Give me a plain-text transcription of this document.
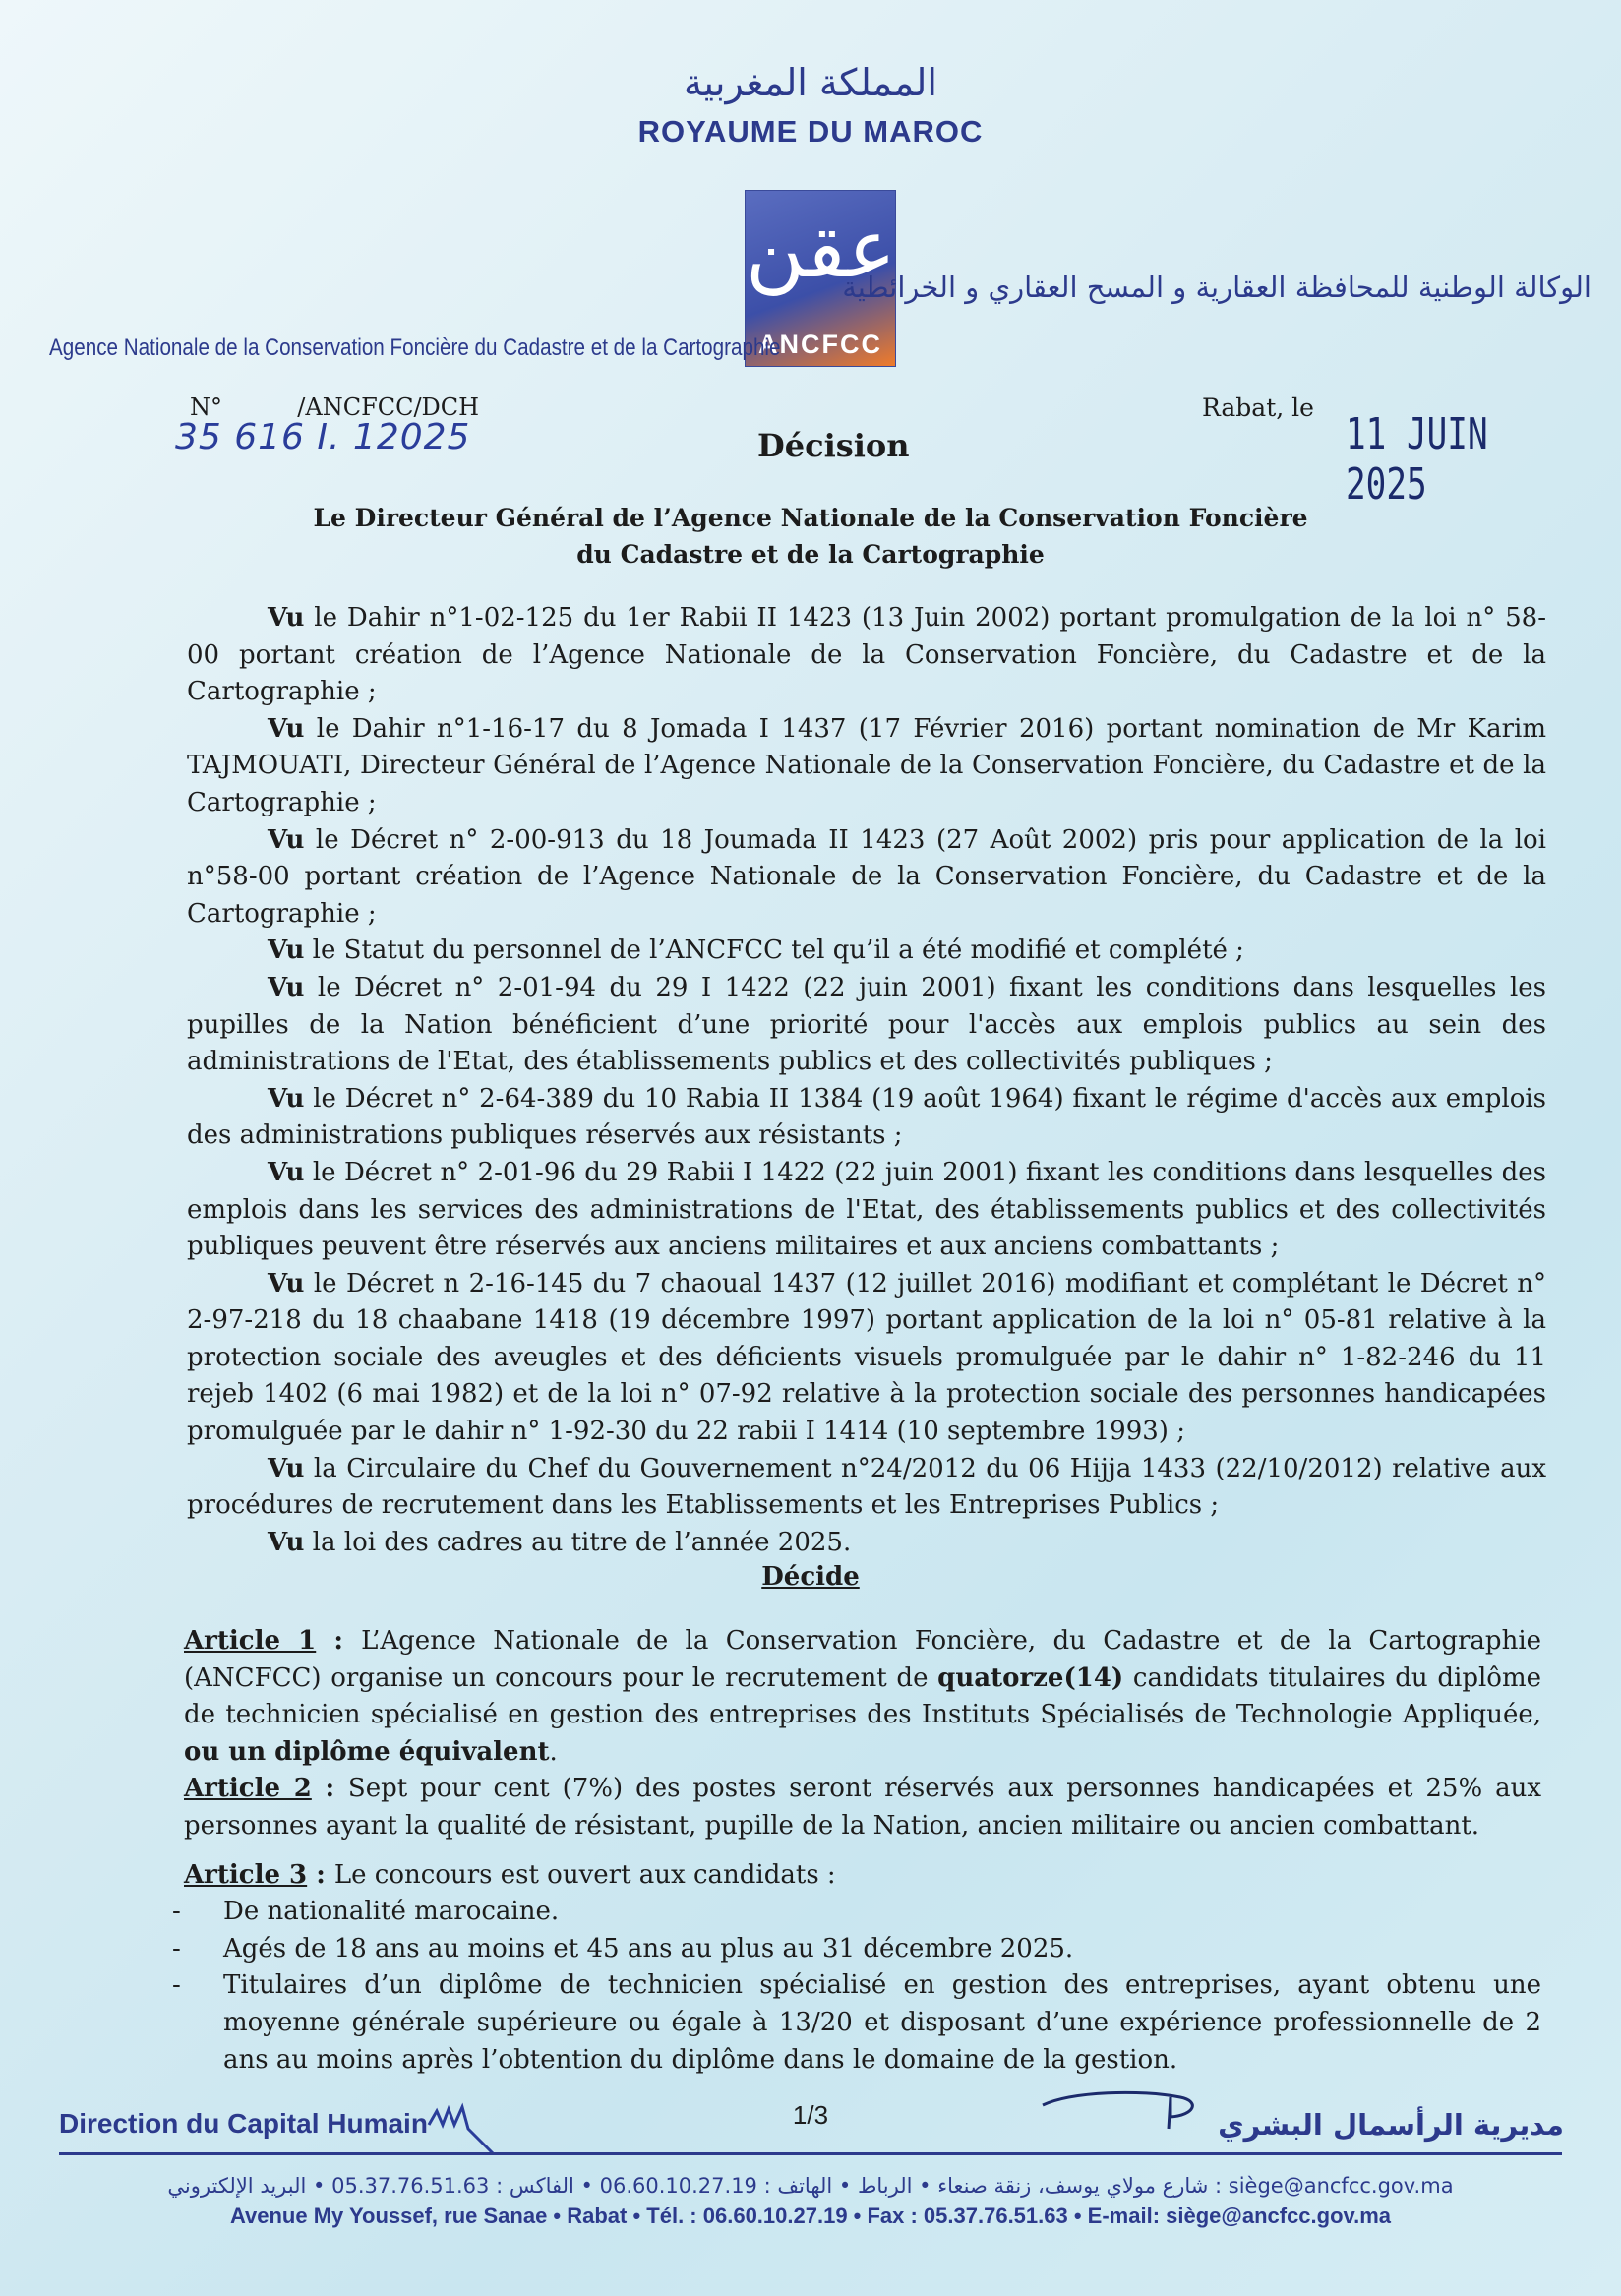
المملكة المغربية
ROYAUME DU MAROC
عقن
ANCFCC
Agence Nationale de la Conservation Foncière du Cadastre et de la Cartographie
الوكالة الوطنية للمحافظة العقارية و المسح العقاري و الخرائطية
N°          /ANCFCC/DCH
35 616 I. 12025	Décision
Rabat, le
11 JUIN 2025
Le Directeur Général de l’Agence Nationale de la Conservation Foncière
du Cadastre et de la Cartographie

Vu le Dahir n°1-02-125 du 1er Rabii II 1423 (13 Juin 2002) portant promulgation de la loi n° 58-00 portant création de l’Agence Nationale de la Conservation Foncière, du Cadastre et de la Cartographie ;

Vu le Dahir n°1-16-17 du 8 Jomada I 1437 (17 Février 2016) portant nomination de Mr Karim TAJMOUATI, Directeur Général de l’Agence Nationale de la Conservation Foncière, du Cadastre et de la Cartographie ;

Vu le Décret n° 2-00-913 du 18 Joumada II 1423 (27 Août 2002) pris pour application de la loi n°58-00 portant création de l’Agence Nationale de la Conservation Foncière, du Cadastre et de la Cartographie ;

Vu le Statut du personnel de l’ANCFCC tel qu’il a été modifié et complété ;

Vu le Décret n° 2-01-94 du 29 I 1422 (22 juin 2001) fixant les conditions dans lesquelles les pupilles de la Nation bénéficient d’une priorité pour l'accès aux emplois publics au sein des administrations de l'Etat, des établissements publics et des collectivités publiques ;

Vu le Décret n° 2-64-389 du 10 Rabia II 1384 (19 août 1964) fixant le régime d'accès aux emplois des administrations publiques réservés aux résistants ;

Vu le Décret n° 2-01-96 du 29 Rabii I 1422 (22 juin 2001) fixant les conditions dans lesquelles des emplois dans les services des administrations de l'Etat, des établissements publics et des collectivités publiques peuvent être réservés aux anciens militaires et aux anciens combattants ;

Vu le Décret n 2-16-145 du 7 chaoual 1437 (12 juillet 2016) modifiant et complétant le Décret n° 2-97-218 du 18 chaabane 1418 (19 décembre 1997) portant application de la loi n° 05-81 relative à la protection sociale des aveugles et des déficients visuels promulguée par le dahir n° 1-82-246 du 11 rejeb 1402 (6 mai 1982) et de la loi n° 07-92 relative à la protection sociale des personnes handicapées promulguée par le dahir n° 1-92-30 du 22 rabii I 1414 (10 septembre 1993) ;

Vu la Circulaire du Chef du Gouvernement n°24/2012 du 06 Hijja 1433 (22/10/2012) relative aux procédures de recrutement dans les Etablissements et les Entreprises Publics ;

Vu la loi des cadres au titre de l’année 2025.

Décide

Article 1 : L’Agence Nationale de la Conservation Foncière, du Cadastre et de la Cartographie (ANCFCC) organise un concours pour le recrutement de quatorze(14) candidats titulaires du diplôme de technicien spécialisé en gestion des entreprises des Instituts Spécialisés de Technologie Appliquée, ou un diplôme équivalent.

Article 2 : Sept pour cent (7%) des postes seront réservés aux personnes handicapées et 25% aux personnes ayant la qualité de résistant, pupille de la Nation, ancien militaire ou ancien combattant.

Article 3 : Le concours est ouvert aux candidats :

- De nationalité marocaine.
- Agés de 18 ans au moins et 45 ans au plus au 31 décembre 2025.
- Titulaires d’un diplôme de technicien spécialisé en gestion des entreprises, ayant obtenu une moyenne générale supérieure ou égale à 13/20 et disposant d’une expérience professionnelle de 2 ans au moins après l’obtention du diplôme dans le domaine de la gestion.
Direction du Capital Humain	1/3	مديرية الرأسمال البشري
شارع مولاي يوسف، زنقة صنعاء • الرباط • الهاتف : 06.60.10.27.19 • الفاكس : 05.37.76.51.63 • البريد الإلكتروني : siège@ancfcc.gov.ma
Avenue My Youssef, rue Sanae • Rabat • Tél. : 06.60.10.27.19 • Fax : 05.37.76.51.63 • E-mail: siège@ancfcc.gov.ma
